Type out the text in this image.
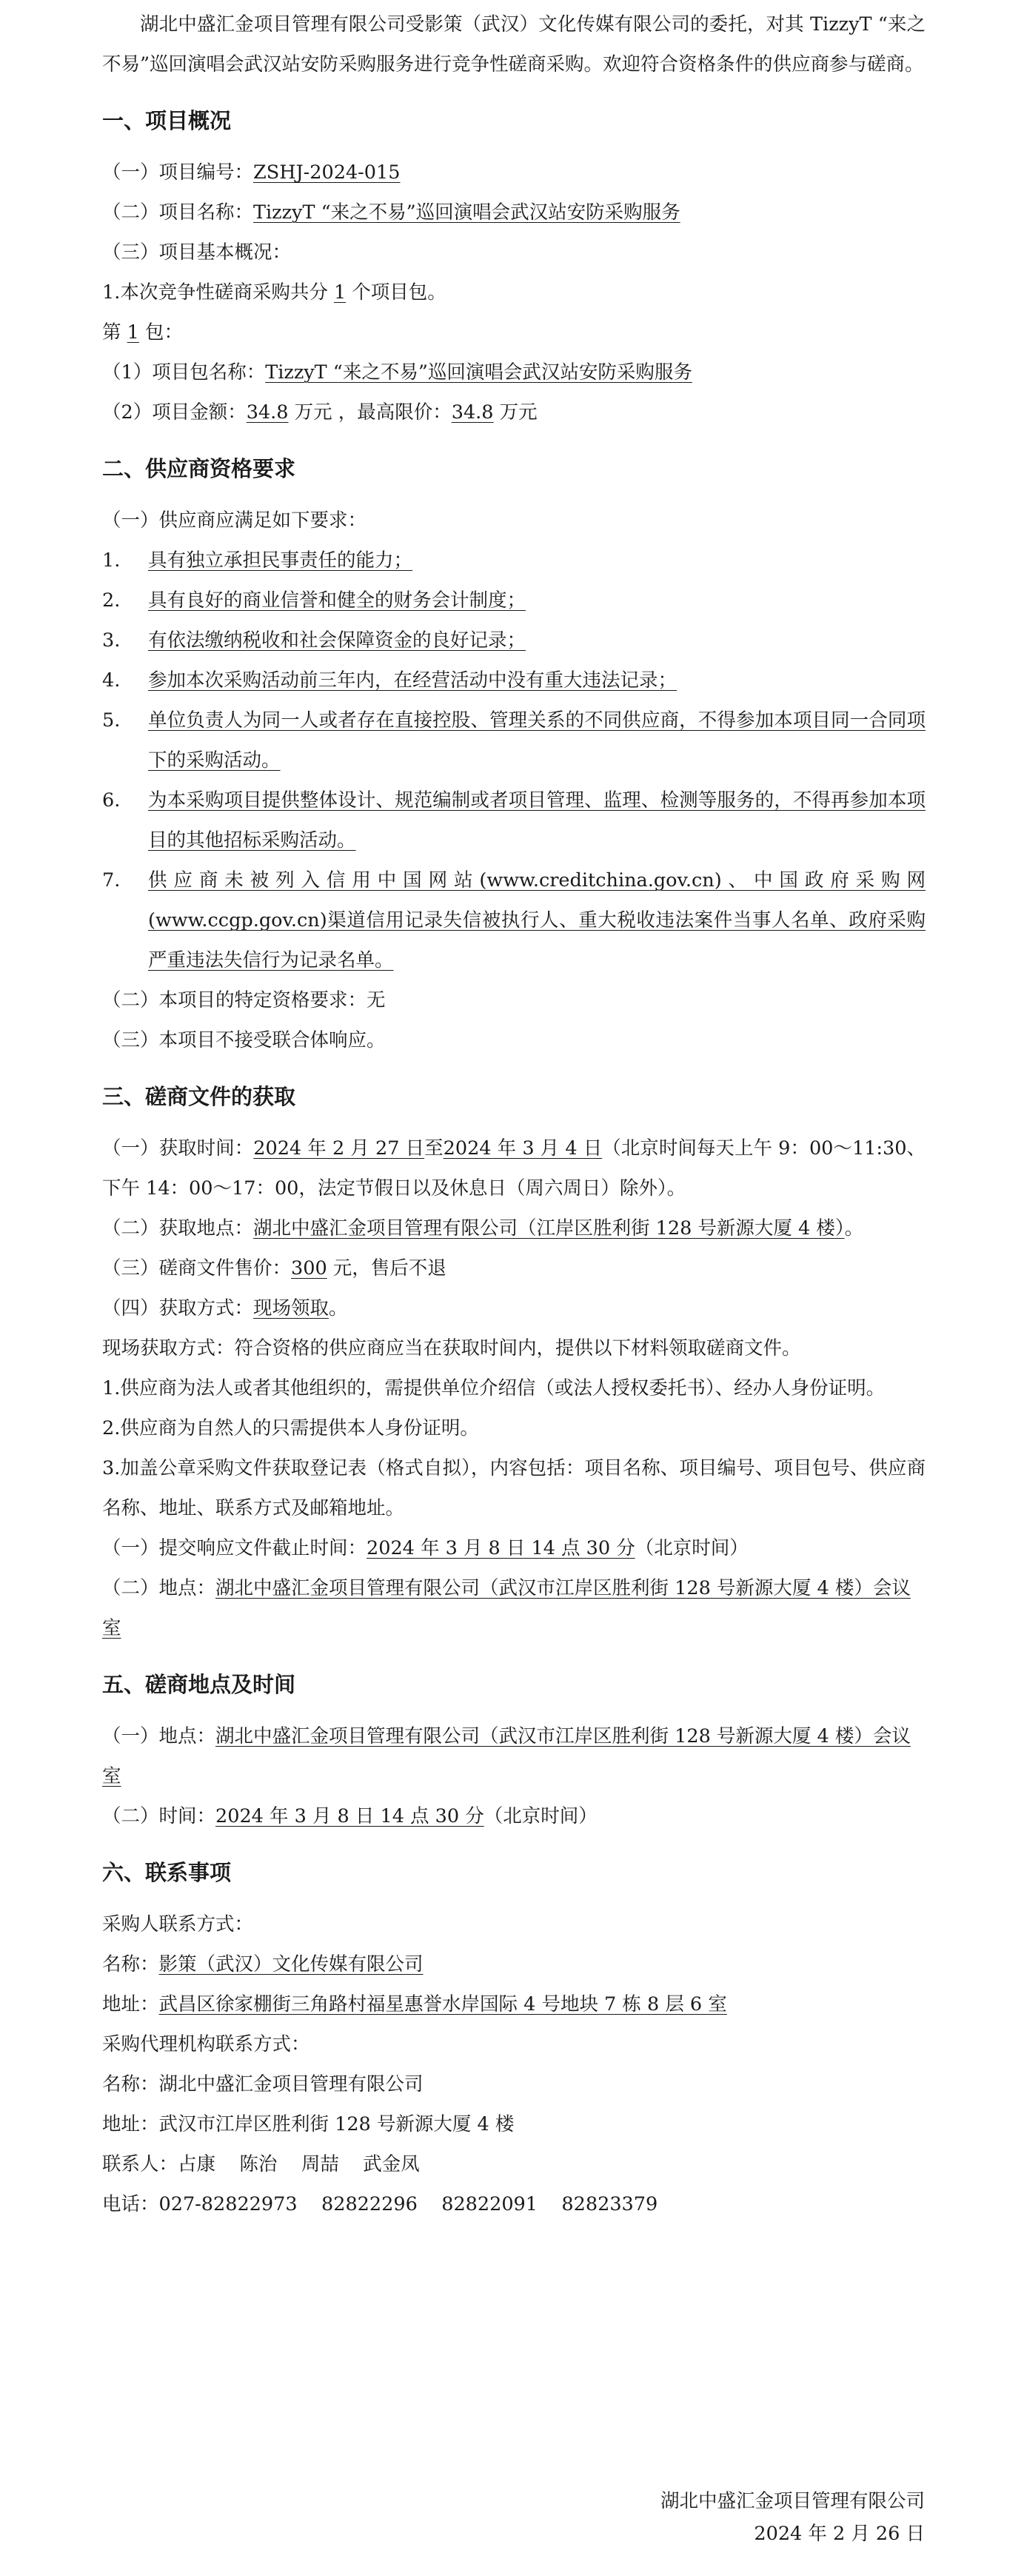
湖北中盛汇金项目管理有限公司受影策（武汉）文化传媒有限公司的委托，对其 TizzyT “来之不易”巡回演唱会武汉站安防采购服务进行竞争性磋商采购。欢迎符合资格条件的供应商参与磋商。

一、项目概况

（一）项目编号：ZSHJ-2024-015

（二）项目名称：TizzyT “来之不易”巡回演唱会武汉站安防采购服务

（三）项目基本概况：

1.本次竞争性磋商采购共分 1 个项目包。

第 1 包：

（1）项目包名称：TizzyT “来之不易”巡回演唱会武汉站安防采购服务

（2）项目金额：34.8 万元 ，最高限价：34.8 万元

二、供应商资格要求

（一）供应商应满足如下要求：

1.	具有独立承担民事责任的能力；
2.	具有良好的商业信誉和健全的财务会计制度；
3.	有依法缴纳税收和社会保障资金的良好记录；
4.	参加本次采购活动前三年内，在经营活动中没有重大违法记录；
5.	单位负责人为同一人或者存在直接控股、管理关系的不同供应商，不得参加本项目同一合同项下的采购活动。
6.	为本采购项目提供整体设计、规范编制或者项目管理、监理、检测等服务的，不得再参加本项目的其他招标采购活动。
7.	供应商未被列入信用中国网站(www.creditchina.gov.cn)、中国政府采购网(www.ccgp.gov.cn)渠道信用记录失信被执行人、重大税收违法案件当事人名单、政府采购严重违法失信行为记录名单。

（二）本项目的特定资格要求：无

（三）本项目不接受联合体响应。

三、磋商文件的获取

（一）获取时间：2024 年 2 月 27 日至2024 年 3 月 4 日（北京时间每天上午 9：00～11:30、下午 14：00～17：00，法定节假日以及休息日（周六周日）除外）。

（二）获取地点：湖北中盛汇金项目管理有限公司（江岸区胜利街 128 号新源大厦 4 楼）。

（三）磋商文件售价：300 元，售后不退

（四）获取方式：现场领取。

现场获取方式：符合资格的供应商应当在获取时间内，提供以下材料领取磋商文件。

1.供应商为法人或者其他组织的，需提供单位介绍信（或法人授权委托书）、经办人身份证明。

2.供应商为自然人的只需提供本人身份证明。

3.加盖公章采购文件获取登记表（格式自拟），内容包括：项目名称、项目编号、项目包号、供应商名称、地址、联系方式及邮箱地址。

（一）提交响应文件截止时间：2024 年 3 月 8 日 14 点 30 分（北京时间）

（二）地点：湖北中盛汇金项目管理有限公司（武汉市江岸区胜利街 128 号新源大厦 4 楼）会议室

五、磋商地点及时间

（一）地点：湖北中盛汇金项目管理有限公司（武汉市江岸区胜利街 128 号新源大厦 4 楼）会议室

（二）时间：2024 年 3 月 8 日 14 点 30 分（北京时间）

六、联系事项

采购人联系方式：

名称：影策（武汉）文化传媒有限公司

地址：武昌区徐家棚街三角路村福星惠誉水岸国际 4 号地块 7 栋 8 层 6 室

采购代理机构联系方式：

名称：湖北中盛汇金项目管理有限公司

地址：武汉市江岸区胜利街 128 号新源大厦 4 楼

联系人：占康    陈治    周喆    武金凤

电话：027-82822973    82822296    82822091    82823379

湖北中盛汇金项目管理有限公司
2024 年 2 月 26 日
